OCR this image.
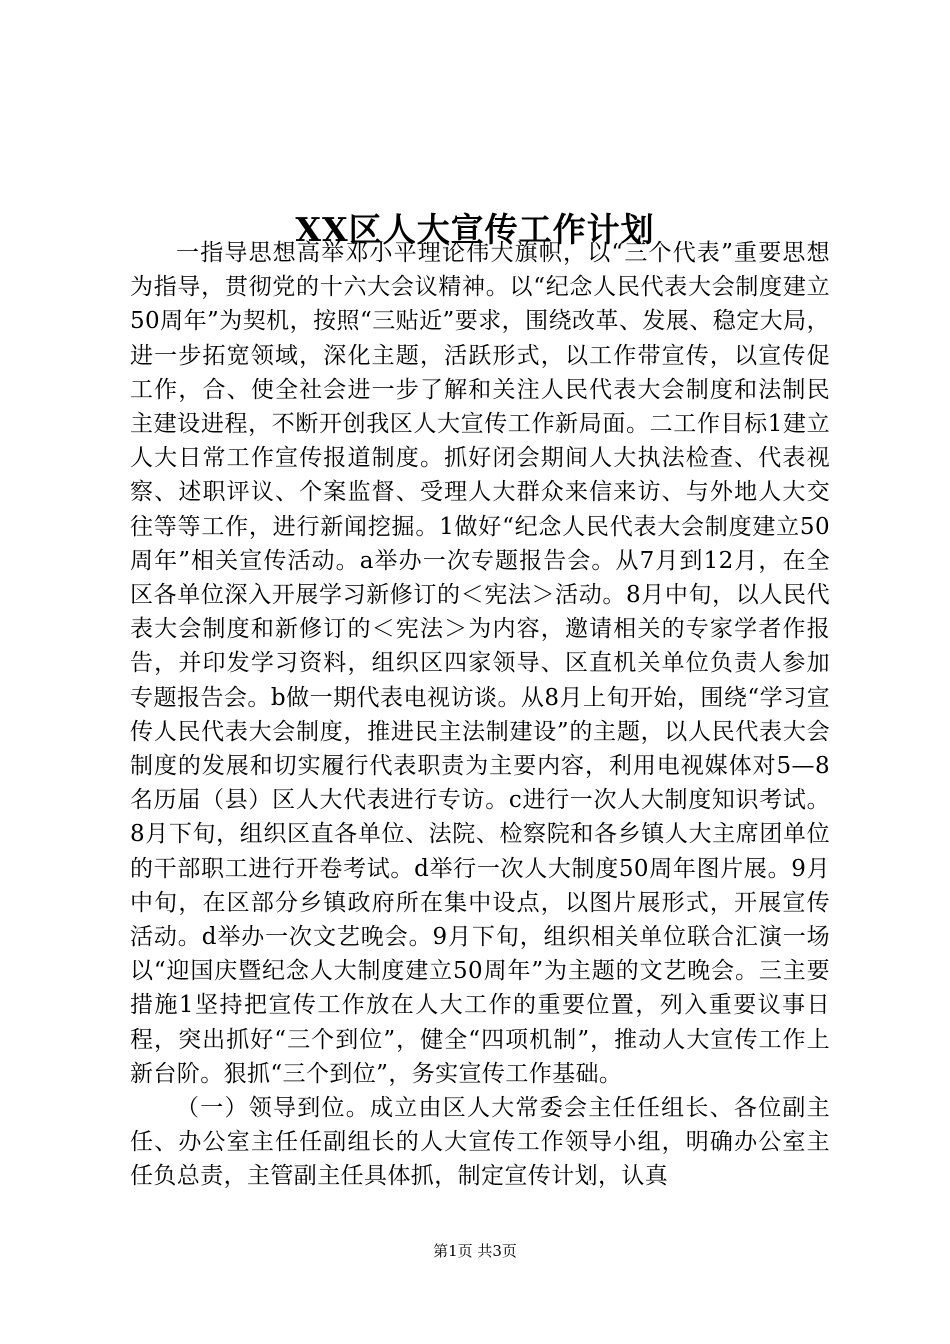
XX区人大宣传工作计划

一指导思想高举邓小平理论伟大旗帜，以“三个代表”重要思想为指导，贯彻党的十六大会议精神。以“纪念人民代表大会制度建立50周年”为契机，按照“三贴近”要求，围绕改革、发展、稳定大局，进一步拓宽领域，深化主题，活跃形式，以工作带宣传，以宣传促工作，合、使全社会进一步了解和关注人民代表大会制度和法制民主建设进程，不断开创我区人大宣传工作新局面。二工作目标1建立人大日常工作宣传报道制度。抓好闭会期间人大执法检查、代表视察、述职评议、个案监督、受理人大群众来信来访、与外地人大交往等等工作，进行新闻挖掘。1做好“纪念人民代表大会制度建立50周年”相关宣传活动。a举办一次专题报告会。从7月到12月，在全区各单位深入开展学习新修订的＜宪法＞活动。8月中旬，以人民代表大会制度和新修订的＜宪法＞为内容，邀请相关的专家学者作报告，并印发学习资料，组织区四家领导、区直机关单位负责人参加专题报告会。b做一期代表电视访谈。从8月上旬开始，围绕“学习宣传人民代表大会制度，推进民主法制建设”的主题，以人民代表大会制度的发展和切实履行代表职责为主要内容，利用电视媒体对5—8名历届（县）区人大代表进行专访。c进行一次人大制度知识考试。8月下旬，组织区直各单位、法院、检察院和各乡镇人大主席团单位的干部职工进行开卷考试。d举行一次人大制度50周年图片展。9月中旬，在区部分乡镇政府所在集中设点，以图片展形式，开展宣传活动。d举办一次文艺晚会。9月下旬，组织相关单位联合汇演一场以“迎国庆暨纪念人大制度建立50周年”为主题的文艺晚会。三主要措施1坚持把宣传工作放在人大工作的重要位置，列入重要议事日程，突出抓好“三个到位”，健全“四项机制”，推动人大宣传工作上新台阶。狠抓“三个到位”，务实宣传工作基础。

（一）领导到位。成立由区人大常委会主任任组长、各位副主任、办公室主任任副组长的人大宣传工作领导小组，明确办公室主任负总责，主管副主任具体抓，制定宣传计划，认真

第1页 共3页
